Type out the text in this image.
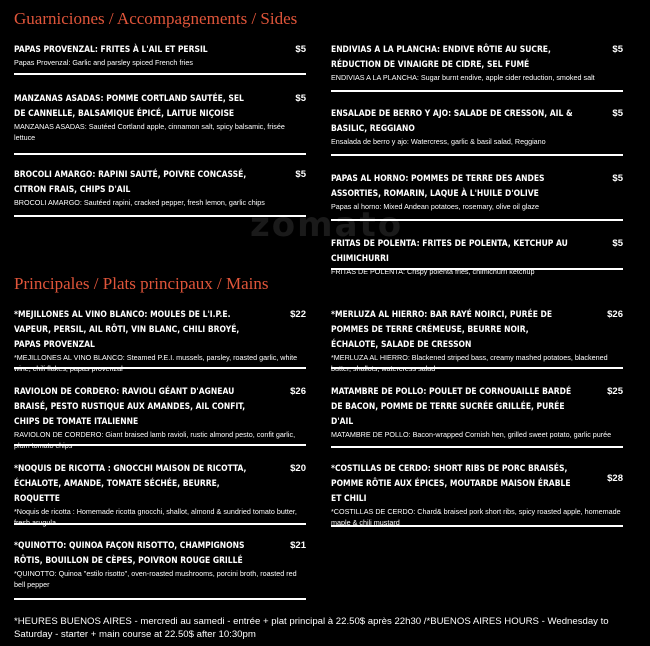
zomato
Guarniciones / Accompagnements / Sides
PAPAS PROVENZAL: FRITES À L'AIL ET PERSIL
Papas Provenzal: Garlic and parsley spiced French fries
$5
MANZANAS ASADAS: POMME CORTLAND SAUTÉE, SEL DE CANNELLE, BALSAMIQUE ÉPICÉ, LAITUE NIÇOISE
MANZANAS ASADAS: Sautéed Cortland apple, cinnamon salt, spicy balsamic, frisée lettuce
$5
BROCOLI AMARGO: RAPINI SAUTÉ, POIVRE CONCASSÉ, CITRON FRAIS, CHIPS D'AIL
BROCOLI AMARGO: Sautéed rapini, cracked pepper, fresh lemon, garlic chips
$5
ENDIVIAS A LA PLANCHA: ENDIVE RÔTIE AU SUCRE, RÉDUCTION DE VINAIGRE DE CIDRE, SEL FUMÉ
ENDIVIAS A LA PLANCHA: Sugar burnt endive, apple cider reduction, smoked salt
$5
ENSALADE DE BERRO Y AJO: SALADE DE CRESSON, AIL & BASILIC, REGGIANO
Ensalada de berro y ajo: Watercress, garlic & basil salad, Reggiano
$5
PAPAS AL HORNO: POMMES DE TERRE DES ANDES ASSORTIES, ROMARIN, LAQUE À L'HUILE D'OLIVE
Papas al horno: Mixed Andean potatoes, rosemary, olive oil glaze
$5
FRITAS DE POLENTA: FRITES DE POLENTA, KETCHUP AU CHIMICHURRI
FRITAS DE POLENTA: Crispy polenta fries, chimichurri ketchup
$5
Principales / Plats principaux / Mains
*MEJILLONES AL VINO BLANCO: MOULES DE L'I.P.E. VAPEUR, PERSIL, AIL RÔTI, VIN BLANC, CHILI BROYÉ, PAPAS PROVENZAL
*MEJILLONES AL VINO BLANCO: Steamed P.E.I. mussels, parsley, roasted garlic, white wine, chili flakes, papas provenzal
$22
RAVIOLON DE CORDERO: RAVIOLI GÉANT D'AGNEAU BRAISÉ, PESTO RUSTIQUE AUX AMANDES, AIL CONFIT, CHIPS DE TOMATE ITALIENNE
RAVIOLON DE CORDERO: Giant braised lamb ravioli, rustic almond pesto, confit garlic, plum tomato chips
$26
*NOQUIS DE RICOTTA : GNOCCHI MAISON DE RICOTTA, ÉCHALOTE, AMANDE, TOMATE SÉCHÉE, BEURRE, ROQUETTE
*Noquis de ricotta : Homemade ricotta gnocchi, shallot, almond & sundried tomato butter, fresh arugula
$20
*QUINOTTO: QUINOA FAÇON RISOTTO, CHAMPIGNONS RÔTIS, BOUILLON DE CÈPES, POIVRON ROUGE GRILLÉ
*QUINOTTO: Quinoa "estilo risotto", oven-roasted mushrooms, porcini broth, roasted red bell pepper
$21
*MERLUZA AL HIERRO: BAR RAYÉ NOIRCI, PURÉE DE POMMES DE TERRE CRÉMEUSE, BEURRE NOIR, ÉCHALOTE, SALADE DE CRESSON
*MERLUZA AL HIERRO: Blackened striped bass, creamy mashed potatoes, blackened butter, shallots, watercress salad
$26
MATAMBRE DE POLLO: POULET DE CORNOUAILLE BARDÉ DE BACON, POMME DE TERRE SUCRÉE GRILLÉE, PURÉE D'AIL
MATAMBRE DE POLLO: Bacon-wrapped Cornish hen, grilled sweet potato, garlic purée
$25
*COSTILLAS DE CERDO: SHORT RIBS DE PORC BRAISÉS, POMME RÔTIE AUX ÉPICES, MOUTARDE MAISON ÉRABLE ET CHILI
*COSTILLAS DE CERDO: Chard& braised pork short ribs, spicy roasted apple, homemade maple & chili mustard
$28
*HEURES BUENOS AIRES - mercredi au samedi - entrée + plat principal à 22.50$ après 22h30 /*BUENOS AIRES HOURS - Wednesday to Saturday - starter + main course at 22.50$ after 10:30pm
